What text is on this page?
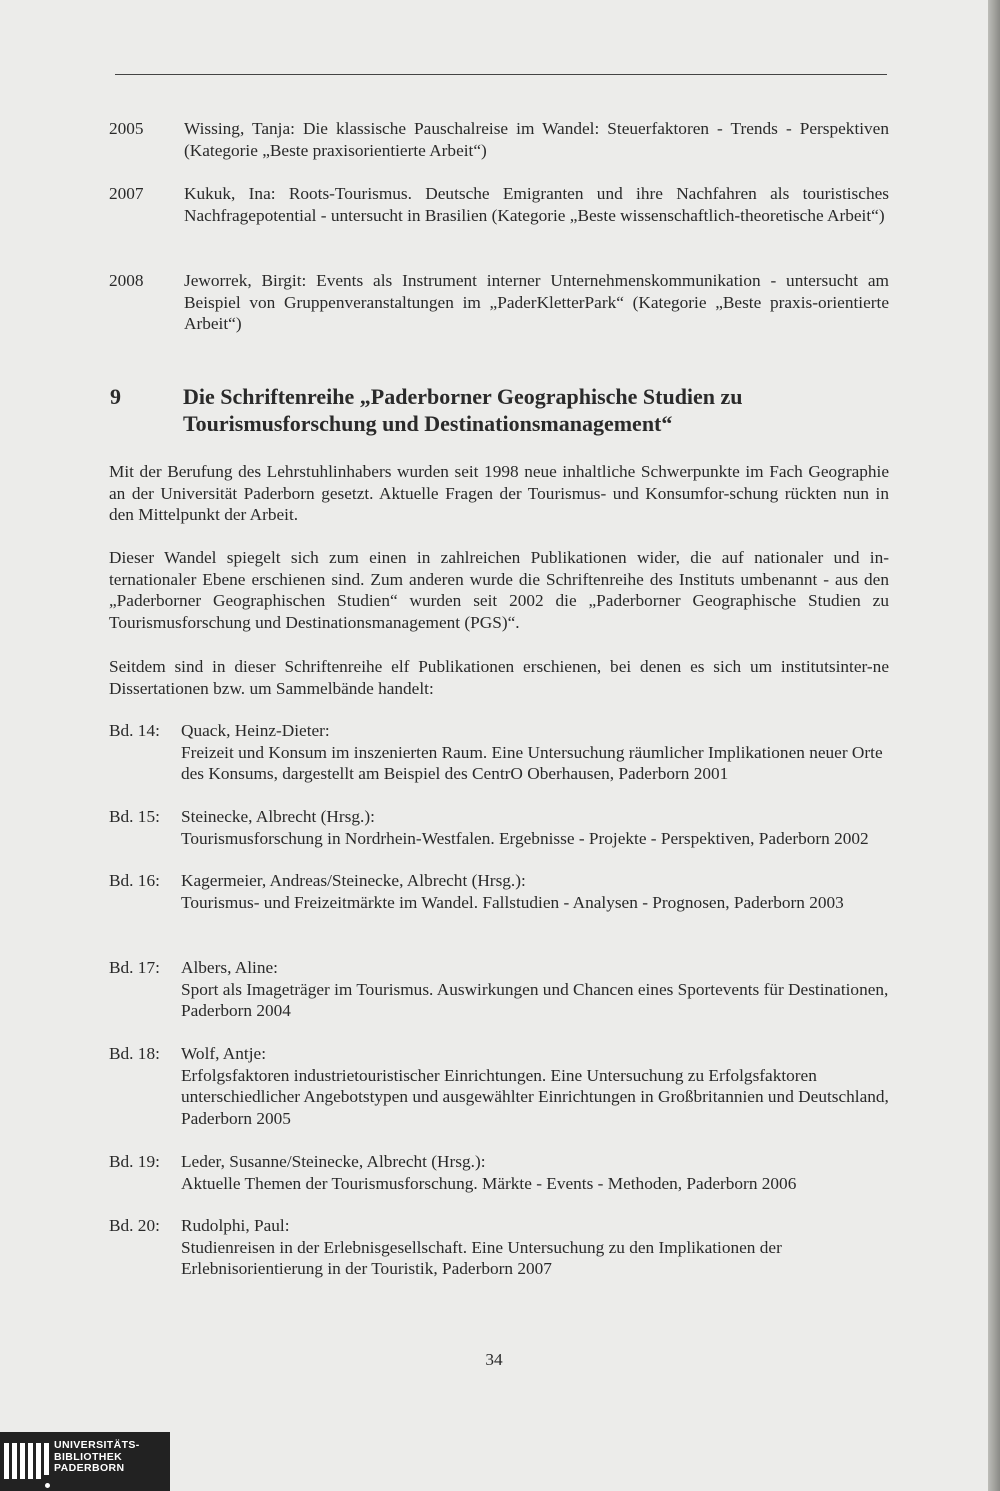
2005	Wissing, Tanja: Die klassische Pauschalreise im Wandel: Steuerfaktoren - Trends - Perspektiven (Kategorie „Beste praxisorientierte Arbeit“)
2007	Kukuk, Ina: Roots-Tourismus. Deutsche Emigranten und ihre Nachfahren als touristisches Nachfragepotential - untersucht in Brasilien (Kategorie „Beste wissenschaftlich-theoretische Arbeit“)
2008	Jeworrek, Birgit: Events als Instrument interner Unternehmenskommunikation - untersucht am Beispiel von Gruppenveranstaltungen im „PaderKletterPark“ (Kategorie „Beste praxis-orientierte Arbeit“)
9	Die Schriftenreihe „Paderborner Geographische Studien zu Tourismusforschung und Destinationsmanagement“
Mit der Berufung des Lehrstuhlinhabers wurden seit 1998 neue inhaltliche Schwerpunkte im Fach Geographie an der Universität Paderborn gesetzt. Aktuelle Fragen der Tourismus- und Konsumfor-schung rückten nun in den Mittelpunkt der Arbeit.
Dieser Wandel spiegelt sich zum einen in zahlreichen Publikationen wider, die auf nationaler und in-ternationaler Ebene erschienen sind. Zum anderen wurde die Schriftenreihe des Instituts umbenannt - aus den „Paderborner Geographischen Studien“ wurden seit 2002 die „Paderborner Geographische Studien zu Tourismusforschung und Destinationsmanagement (PGS)“.
Seitdem sind in dieser Schriftenreihe elf Publikationen erschienen, bei denen es sich um institutsinter-ne Dissertationen bzw. um Sammelbände handelt:
Bd. 14:	Quack, Heinz-Dieter:
Freizeit und Konsum im inszenierten Raum. Eine Untersuchung räumlicher Implikationen neuer Orte des Konsums, dargestellt am Beispiel des CentrO Oberhausen, Paderborn 2001
Bd. 15:	Steinecke, Albrecht (Hrsg.):
Tourismusforschung in Nordrhein-Westfalen. Ergebnisse - Projekte - Perspektiven, Paderborn 2002
Bd. 16:	Kagermeier, Andreas/Steinecke, Albrecht (Hrsg.):
Tourismus- und Freizeitmärkte im Wandel. Fallstudien - Analysen - Prognosen, Paderborn 2003
Bd. 17:	Albers, Aline:
Sport als Imageträger im Tourismus. Auswirkungen und Chancen eines Sportevents für Destinationen, Paderborn 2004
Bd. 18:	Wolf, Antje:
Erfolgsfaktoren industrietouristischer Einrichtungen. Eine Untersuchung zu Erfolgsfaktoren unterschiedlicher Angebotstypen und ausgewählter Einrichtungen in Großbritannien und Deutschland, Paderborn 2005
Bd. 19:	Leder, Susanne/Steinecke, Albrecht (Hrsg.):
Aktuelle Themen der Tourismusforschung. Märkte - Events - Methoden, Paderborn 2006
Bd. 20:	Rudolphi, Paul:
Studienreisen in der Erlebnisgesellschaft. Eine Untersuchung zu den Implikationen der Erlebnisorientierung in der Touristik, Paderborn 2007
34
UNIVERSITÄTS-
BIBLIOTHEK
PADERBORN
